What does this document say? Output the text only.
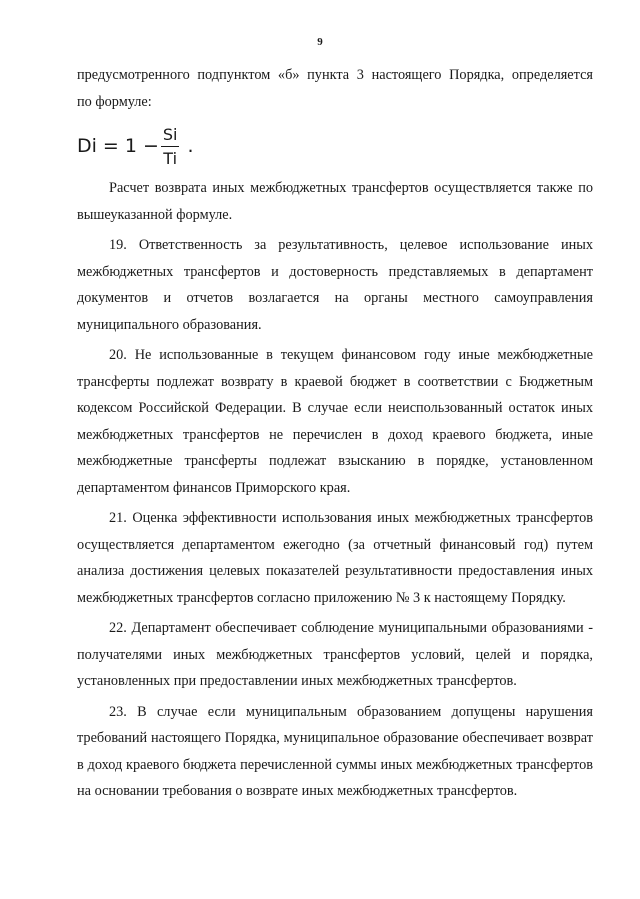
9

предусмотренного подпунктом «б» пункта 3 настоящего Порядка, определяется

по формуле:

$Di = 1 - \frac{Si}{Ti}$ .

Расчет возврата иных межбюджетных трансфертов осуществляется также по вышеуказанной формуле.

19. Ответственность за результативность, целевое использование иных межбюджетных трансфертов и достоверность представляемых в департамент документов и отчетов возлагается на органы местного самоуправления муниципального образования.

20. Не использованные в текущем финансовом году иные межбюджетные трансферты подлежат возврату в краевой бюджет в соответствии с Бюджетным кодексом Российской Федерации. В случае если неиспользованный остаток иных межбюджетных трансфертов не перечислен в доход краевого бюджета, иные межбюджетные трансферты подлежат взысканию в порядке, установленном департаментом финансов Приморского края.

21. Оценка эффективности использования иных межбюджетных трансфертов осуществляется департаментом ежегодно (за отчетный финансовый год) путем анализа достижения целевых показателей результативности предоставления иных межбюджетных трансфертов согласно приложению № 3 к настоящему Порядку.

22. Департамент обеспечивает соблюдение муниципальными образованиями - получателями иных межбюджетных трансфертов условий, целей и порядка, установленных при предоставлении иных межбюджетных трансфертов.

23. В случае если муниципальным образованием допущены нарушения требований настоящего Порядка, муниципальное образование обеспечивает возврат в доход краевого бюджета перечисленной суммы иных межбюджетных трансфертов на основании требования о возврате иных межбюджетных трансфертов.
